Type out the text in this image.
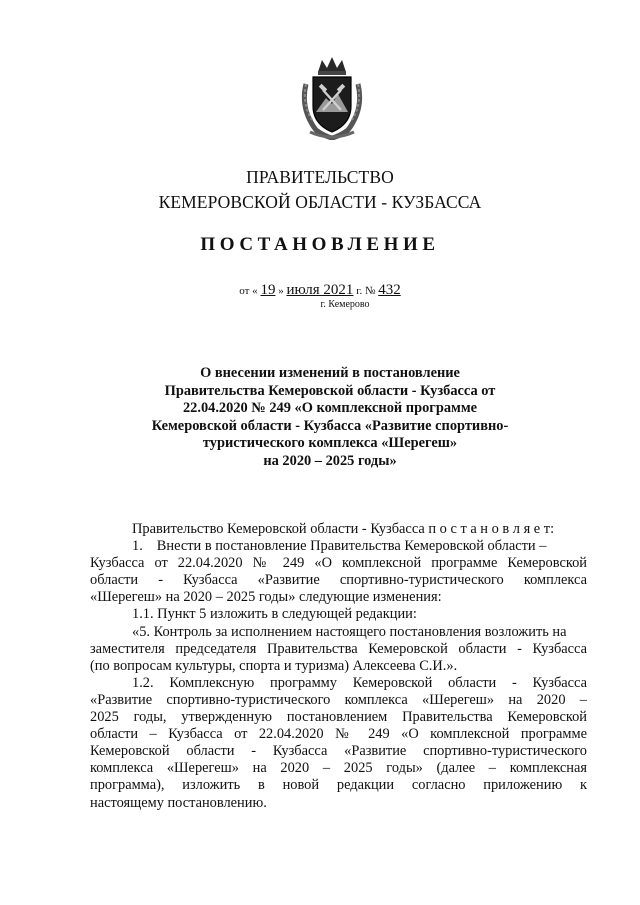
ПРАВИТЕЛЬСТВО
КЕМЕРОВСКОЙ ОБЛАСТИ - КУЗБАССА
ПОСТАНОВЛЕНИЕ
от « 19 » июля 2021 г. № 432
г. Кемерово
О внесении изменений в постановление
Правительства Кемеровской области - Кузбасса от
22.04.2020 № 249 «О комплексной программе
Кемеровской области - Кузбасса «Развитие спортивно-
туристического комплекса «Шерегеш»
на 2020 – 2025 годы»
Правительство Кемеровской области - Кузбасса п о с т а н о в л я е т:
1. Внести в постановление Правительства Кемеровской области –
Кузбасса от 22.04.2020 № 249 «О комплексной программе Кемеровской
области - Кузбасса «Развитие спортивно-туристического комплекса
«Шерегеш» на 2020 – 2025 годы» следующие изменения:
1.1. Пункт 5 изложить в следующей редакции:
«5. Контроль за исполнением настоящего постановления возложить на
заместителя председателя Правительства Кемеровской области - Кузбасса
(по вопросам культуры, спорта и туризма) Алексеева С.И.».
1.2. Комплексную программу Кемеровской области - Кузбасса
«Развитие спортивно-туристического комплекса «Шерегеш» на 2020 –
2025 годы, утвержденную постановлением Правительства Кемеровской
области – Кузбасса от 22.04.2020 № 249 «О комплексной программе
Кемеровской области - Кузбасса «Развитие спортивно-туристического
комплекса «Шерегеш» на 2020 – 2025 годы» (далее – комплексная
программа), изложить в новой редакции согласно приложению к
настоящему постановлению.
